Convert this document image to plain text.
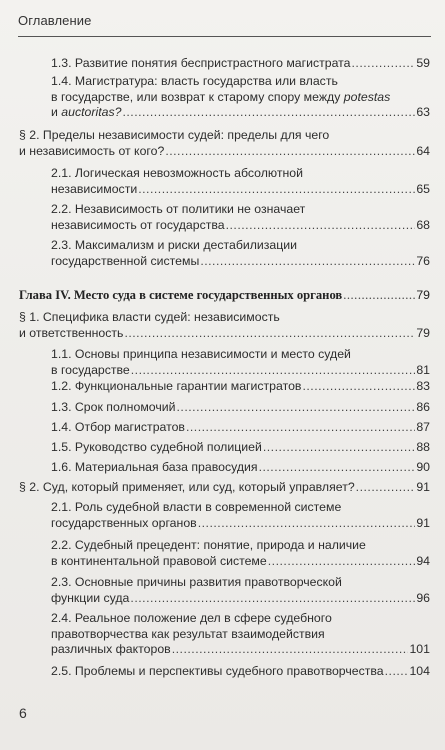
Оглавление
1.3. Развитие понятия беспристрастного магистрата .....	59
1.4. Магистратура: власть государства или власть
в государстве, или возврат к старому спору между potestas
и auctoritas? .....	63
§ 2. Пределы независимости судей: пределы для чего
и независимость от кого? .....	64
2.1. Логическая невозможность абсолютной
независимости .....	65
2.2. Независимость от политики не означает
независимость от государства .....	68
2.3. Максимализм и риски дестабилизации
государственной системы .....	76
Глава IV. Место суда в системе государственных органов .....	79
§ 1. Специфика власти судей: независимость
и ответственность .....	79
1.1. Основы принципа независимости и место судей
в государстве .....	81
1.2. Функциональные гарантии магистратов .....	83
1.3. Срок полномочий .....	86
1.4. Отбор магистратов .....	87
1.5. Руководство судебной полицией .....	88
1.6. Материальная база правосудия .....	90
§ 2. Суд, который применяет, или суд, который управляет? .....	91
2.1. Роль судебной власти в современной системе
государственных органов .....	91
2.2. Судебный прецедент: понятие, природа и наличие
в континентальной правовой системе .....	94
2.3. Основные причины развития правотворческой
функции суда .....	96
2.4. Реальное положение дел в сфере судебного
правотворчества как результат взаимодействия
различных факторов .....	101
2.5. Проблемы и перспективы судебного правотворчества ..... 104
6
